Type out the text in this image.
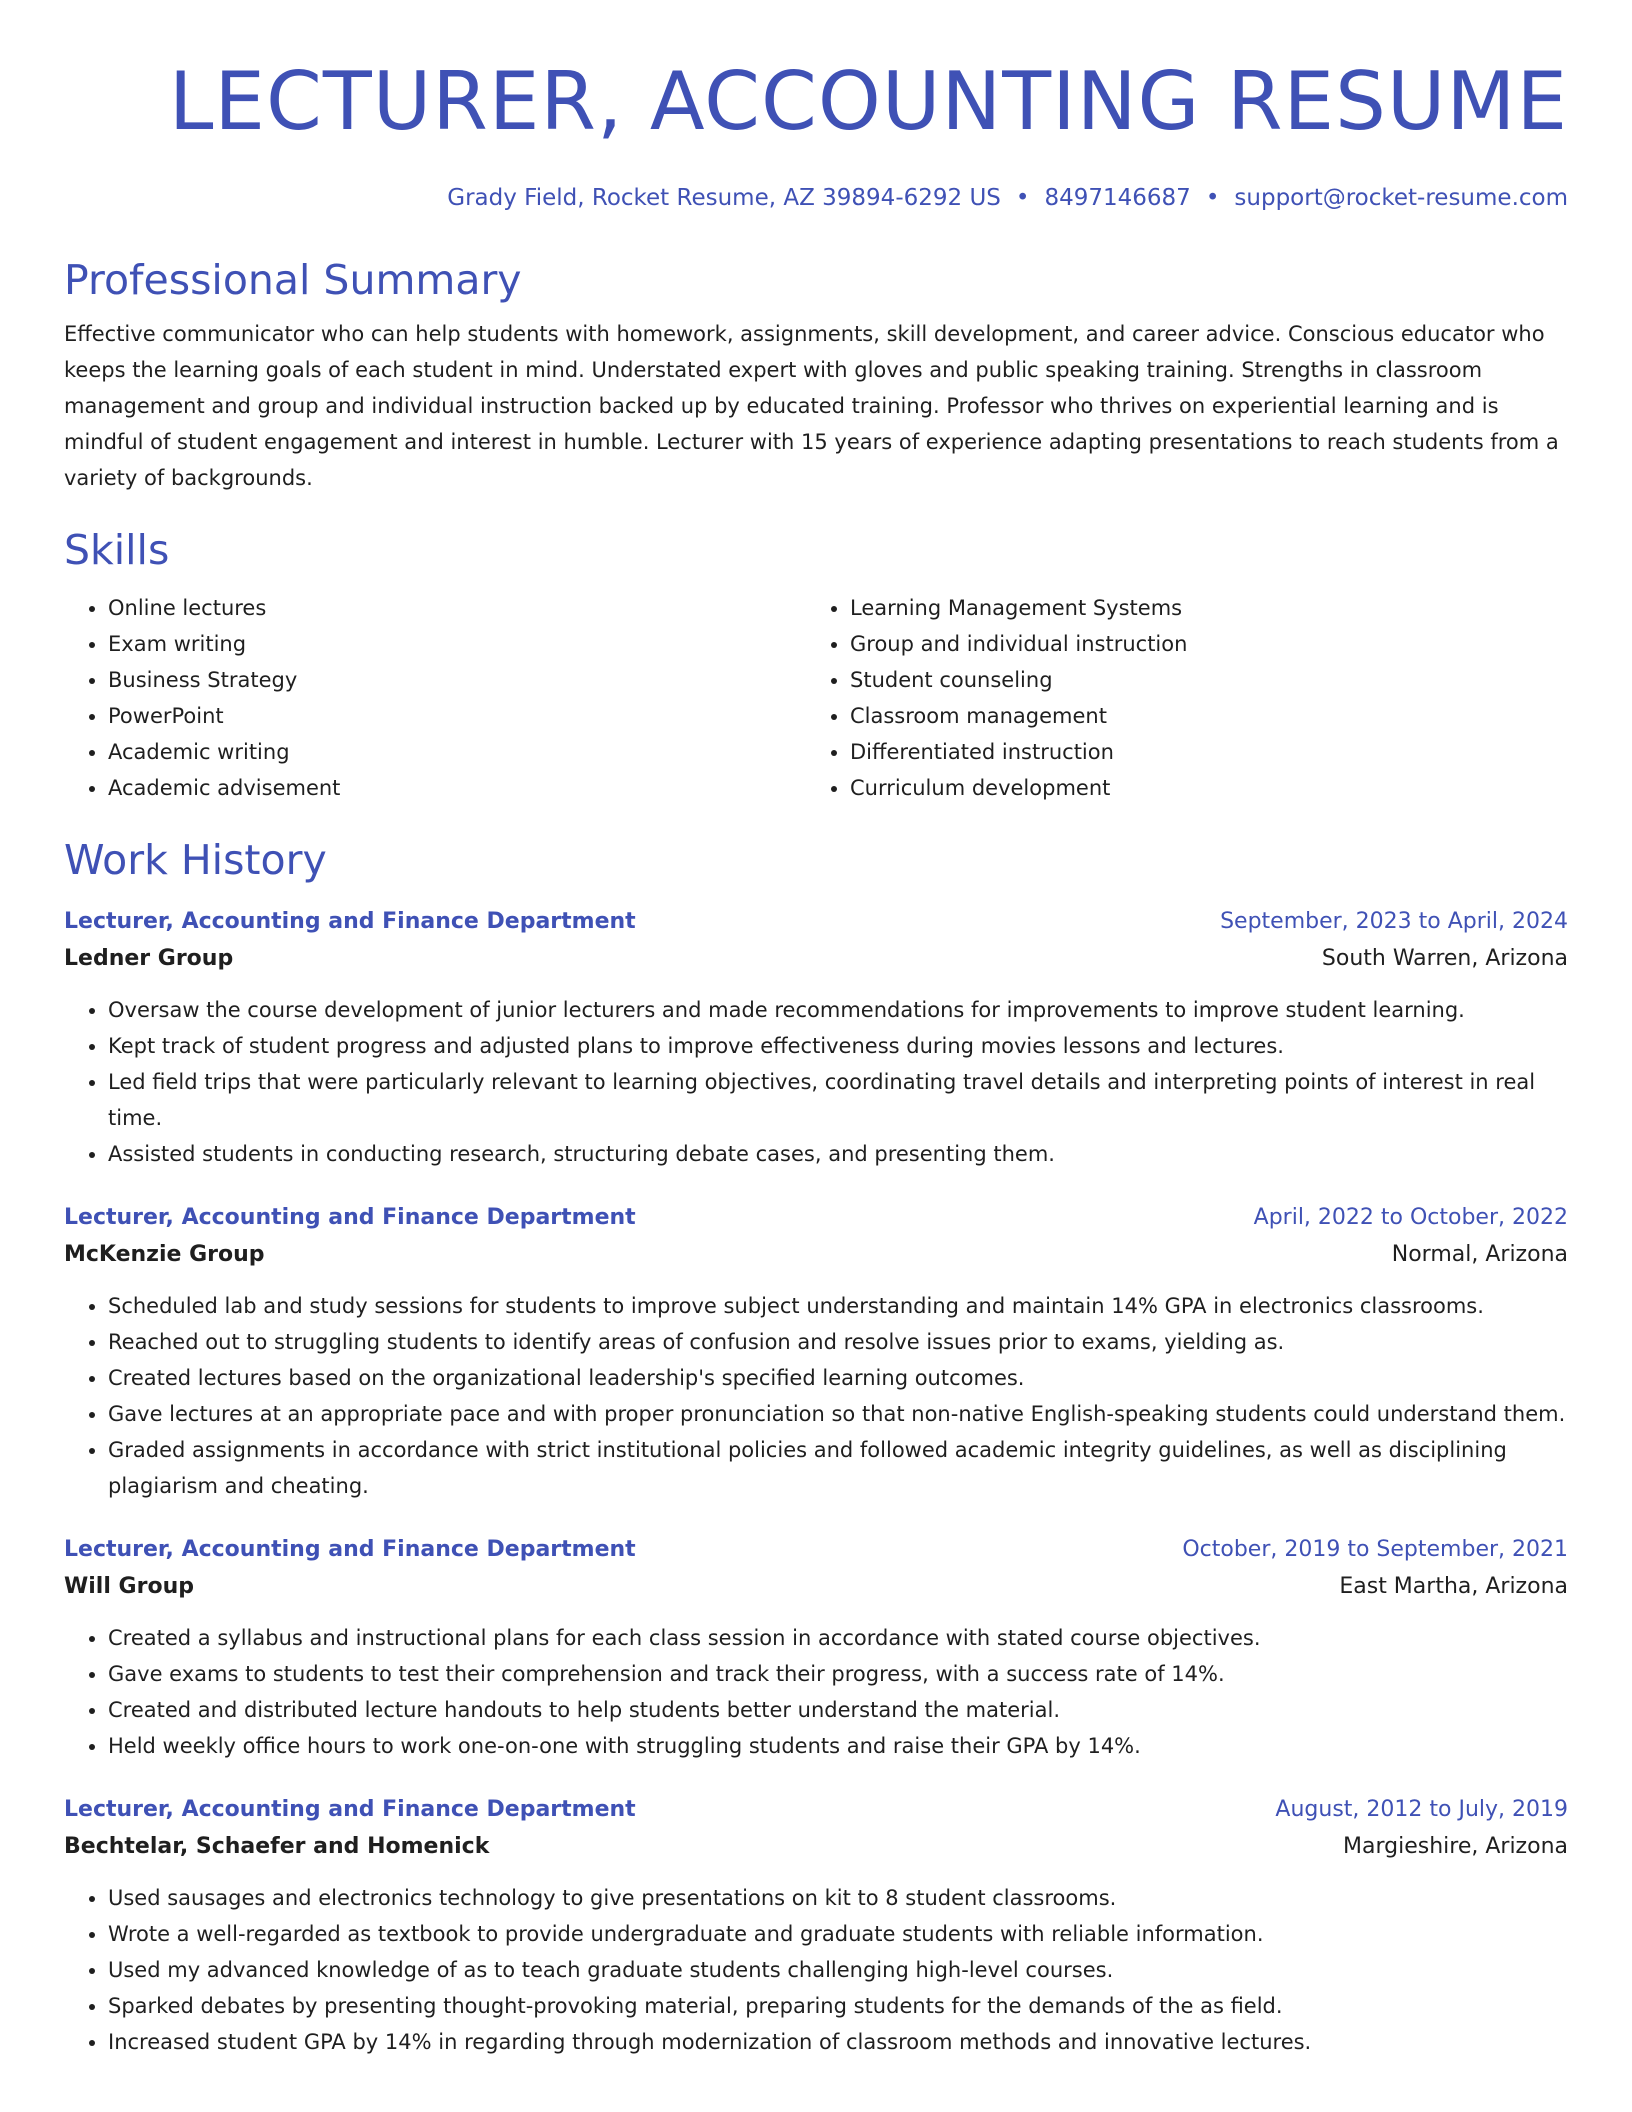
LECTURER, ACCOUNTING RESUME
Grady Field, Rocket Resume, AZ 39894-6292 US • 8497146687 • support@rocket-resume.com
Professional Summary

Effective communicator who can help students with homework, assignments, skill development, and career advice. Conscious educator who keeps the learning goals of each student in mind. Understated expert with gloves and public speaking training. Strengths in classroom management and group and individual instruction backed up by educated training. Professor who thrives on experiential learning and is mindful of student engagement and interest in humble. Lecturer with 15 years of experience adapting presentations to reach students from a variety of backgrounds.

Skills
• Online lectures
• Exam writing
• Business Strategy
• PowerPoint
• Academic writing
• Academic advisement
• Learning Management Systems
• Group and individual instruction
• Student counseling
• Classroom management
• Differentiated instruction
• Curriculum development
Work History
Lecturer, Accounting and Finance Department	September, 2023 to April, 2024
Ledner Group	South Warren, Arizona
• Oversaw the course development of junior lecturers and made recommendations for improvements to improve student learning.
• Kept track of student progress and adjusted plans to improve effectiveness during movies lessons and lectures.
• Led field trips that were particularly relevant to learning objectives, coordinating travel details and interpreting points of interest in real time.
• Assisted students in conducting research, structuring debate cases, and presenting them.
Lecturer, Accounting and Finance Department	April, 2022 to October, 2022
McKenzie Group	Normal, Arizona
• Scheduled lab and study sessions for students to improve subject understanding and maintain 14% GPA in electronics classrooms.
• Reached out to struggling students to identify areas of confusion and resolve issues prior to exams, yielding as.
• Created lectures based on the organizational leadership's specified learning outcomes.
• Gave lectures at an appropriate pace and with proper pronunciation so that non-native English-speaking students could understand them.
• Graded assignments in accordance with strict institutional policies and followed academic integrity guidelines, as well as disciplining plagiarism and cheating.
Lecturer, Accounting and Finance Department	October, 2019 to September, 2021
Will Group	East Martha, Arizona
• Created a syllabus and instructional plans for each class session in accordance with stated course objectives.
• Gave exams to students to test their comprehension and track their progress, with a success rate of 14%.
• Created and distributed lecture handouts to help students better understand the material.
• Held weekly office hours to work one-on-one with struggling students and raise their GPA by 14%.
Lecturer, Accounting and Finance Department	August, 2012 to July, 2019
Bechtelar, Schaefer and Homenick	Margieshire, Arizona
• Used sausages and electronics technology to give presentations on kit to 8 student classrooms.
• Wrote a well-regarded as textbook to provide undergraduate and graduate students with reliable information.
• Used my advanced knowledge of as to teach graduate students challenging high-level courses.
• Sparked debates by presenting thought-provoking material, preparing students for the demands of the as field.
• Increased student GPA by 14% in regarding through modernization of classroom methods and innovative lectures.
